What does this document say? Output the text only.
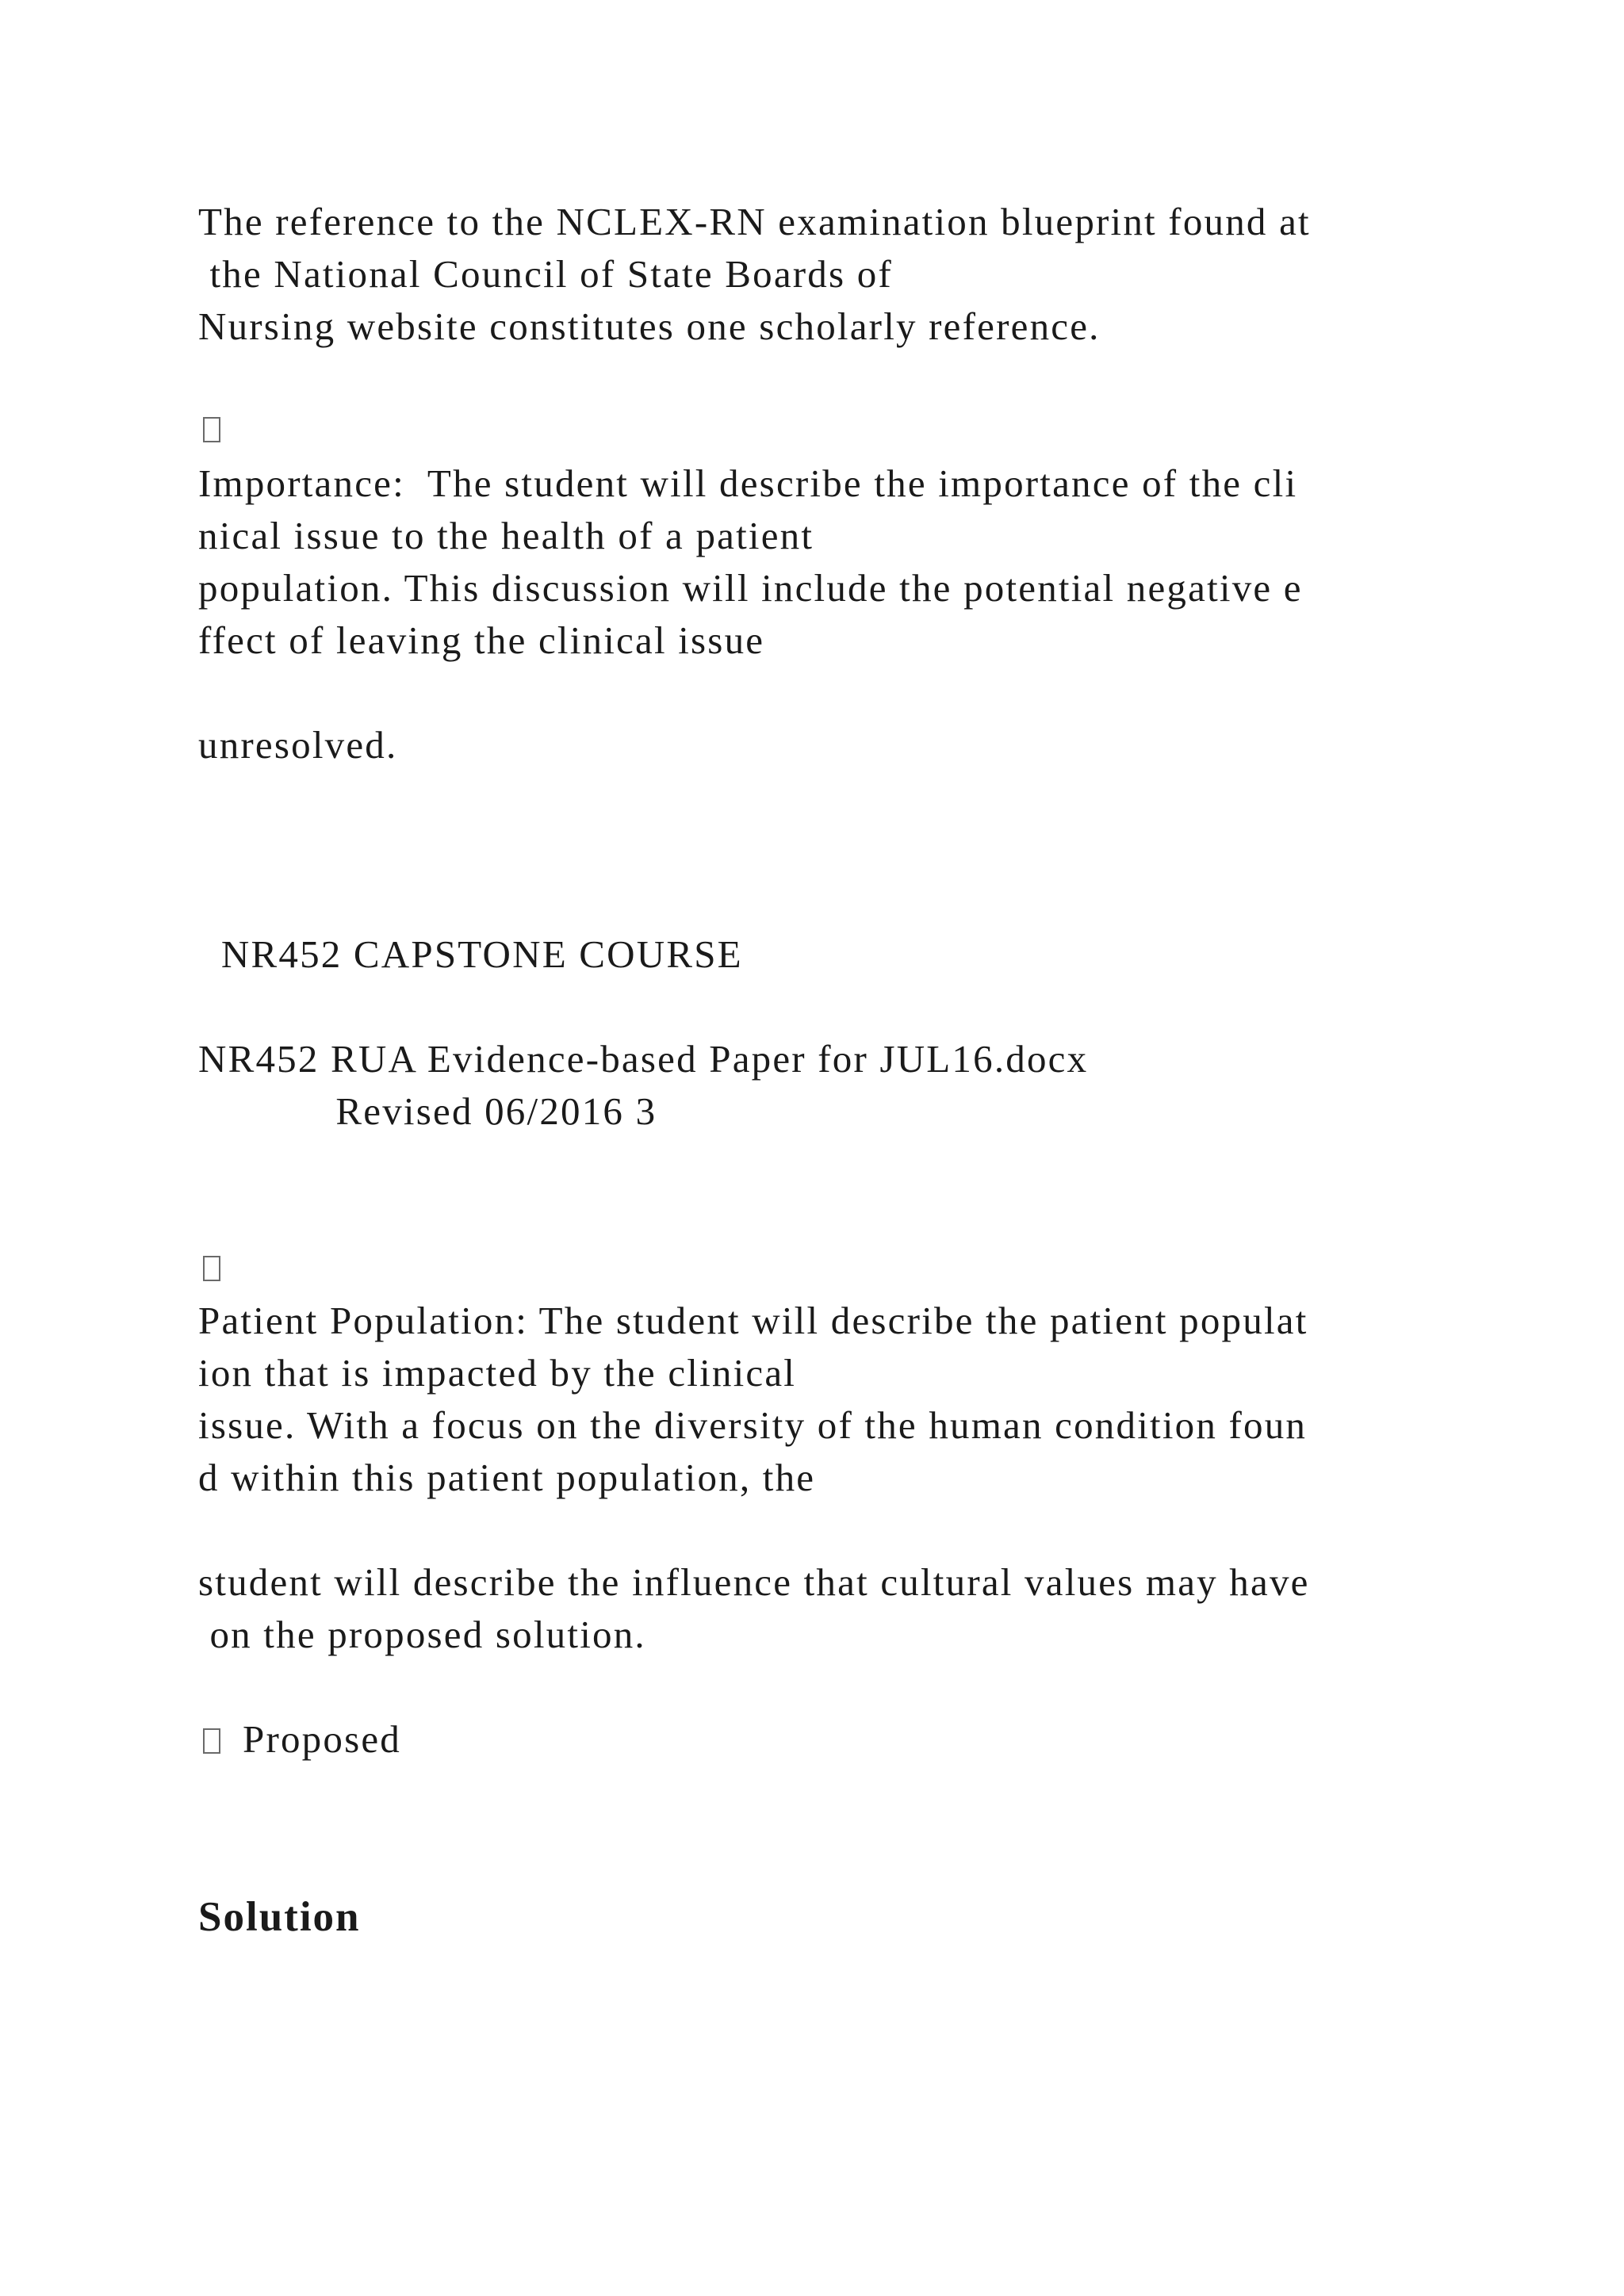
The reference to the NCLEX-RN examination blueprint found at
the National Council of State Boards of
Nursing website constitutes one scholarly reference.
Importance:  The student will describe the importance of the cli
nical issue to the health of a patient
population. This discussion will include the potential negative e
ffect of leaving the clinical issue
unresolved.
NR452 CAPSTONE COURSE
NR452 RUA Evidence-based Paper for JUL16.docx
Revised 06/2016 3
Patient Population: The student will describe the patient populat
ion that is impacted by the clinical
issue. With a focus on the diversity of the human condition foun
d within this patient population, the
student will describe the influence that cultural values may have
on the proposed solution.
Proposed
Solution
